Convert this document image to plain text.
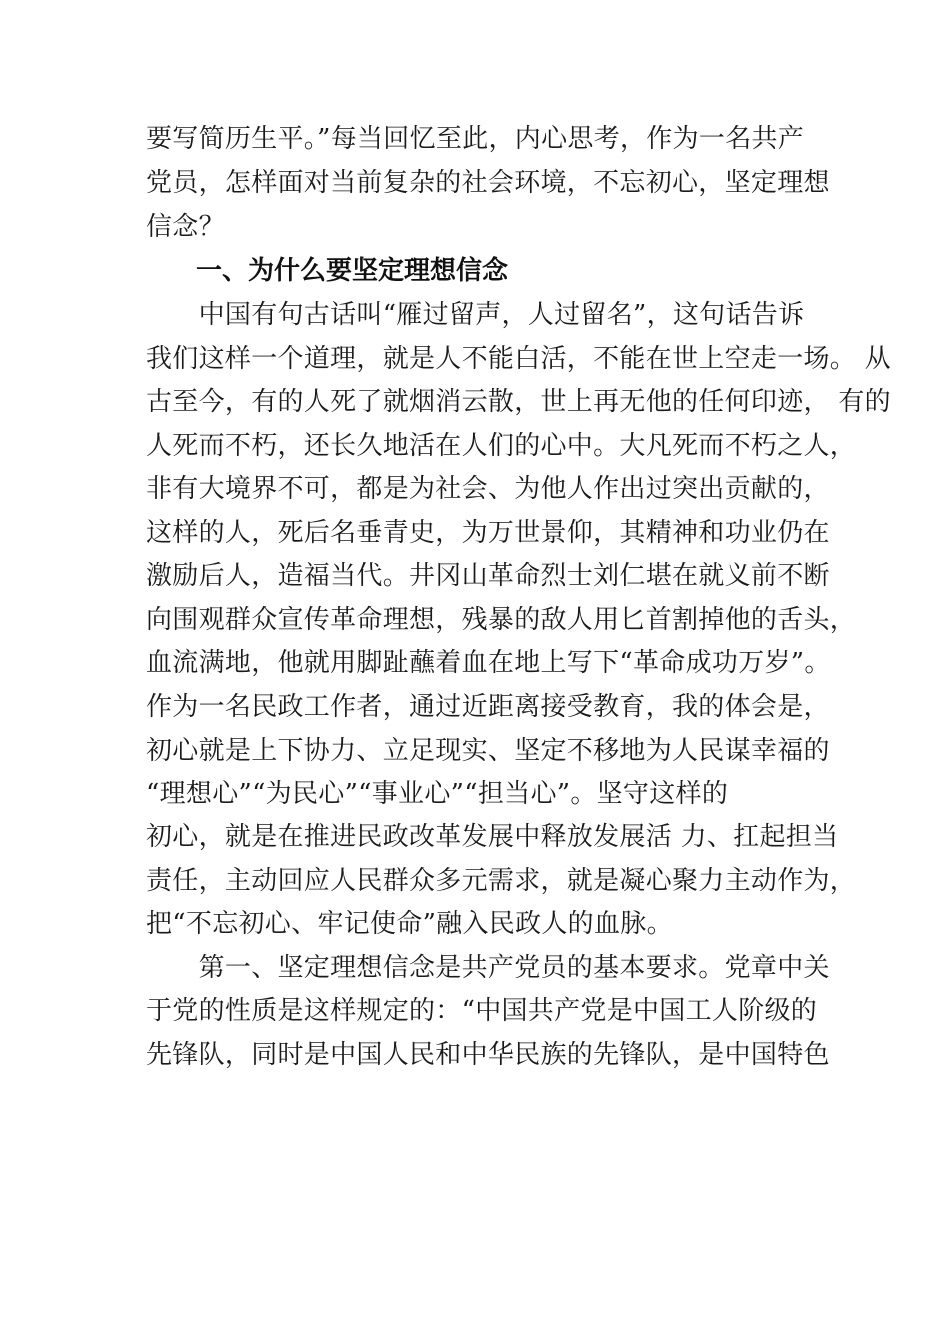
要写简历生平。”每当回忆至此，内心思考，作为一名共产
党员，怎样面对当前复杂的社会环境，不忘初心，坚定理想
信念？
一、为什么要坚定理想信念
　　中国有句古话叫“雁过留声，人过留名”，这句话告诉
我们这样一个道理，就是人不能白活，不能在世上空走一场。 从
古至今，有的人死了就烟消云散，世上再无他的任何印迹， 有的
人死而不朽，还长久地活在人们的心中。大凡死而不朽之人，
非有大境界不可，都是为社会、为他人作出过突出贡献的，
这样的人，死后名垂青史，为万世景仰，其精神和功业仍在
激励后人，造福当代。井冈山革命烈士刘仁堪在就义前不断
向围观群众宣传革命理想，残暴的敌人用匕首割掉他的舌头，
血流满地，他就用脚趾蘸着血在地上写下“革命成功万岁”。
作为一名民政工作者，通过近距离接受教育，我的体会是，
初心就是上下协力、立足现实、坚定不移地为人民谋幸福的
“理想心”“为民心”“事业心”“担当心”。坚守这样的
初心，就是在推进民政改革发展中释放发展活 力、扛起担当
责任，主动回应人民群众多元需求，就是凝心聚力主动作为，
把“不忘初心、牢记使命”融入民政人的血脉。
　　第一、坚定理想信念是共产党员的基本要求。党章中关
于党的性质是这样规定的：“中国共产党是中国工人阶级的
先锋队，同时是中国人民和中华民族的先锋队，是中国特色
